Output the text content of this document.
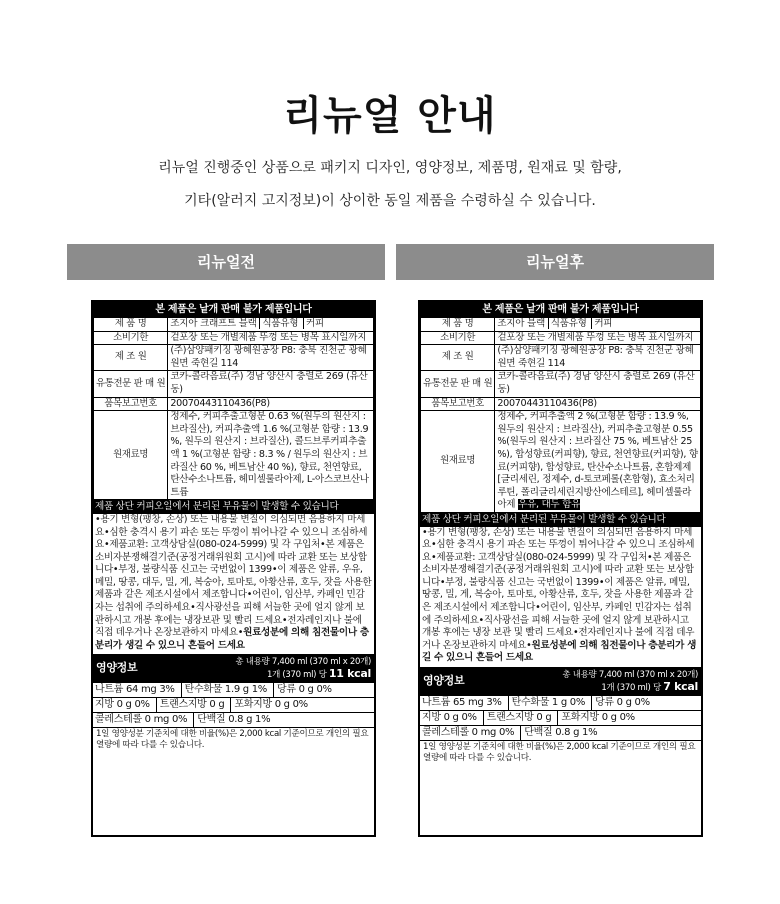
리뉴얼 안내
리뉴얼 진행중인 상품으로 패키지 디자인, 영양정보, 제품명, 원재료 및 함량,
기타(알러지 고지정보)이 상이한 동일 제품을 수령하실 수 있습니다.
리뉴얼전	리뉴얼후
본 제품은 낱개 판매 불가 제품입니다
제 품 명	조지아 크래프트 블랙 식품유형 커피
소비기한	겉포장 또는 개별제품 뚜껑 또는 병목 표시일까지
제 조 원	(주)삼양패키징 광혜원공장 P8: 충북 진천군 광혜원면 죽현길 114
유통전문 판 매 원	코카-콜라음료(주) 경남 양산시 충렬로 269 (유산동)
품목보고번호	20070443110436(P8)
원재료명	정제수, 커피추출고형분 0.63 %(원두의 원산지 : 브라질산), 커피추출액 1.6 %(고형분 함량 : 13.9 %, 원두의 원산지 : 브라질산), 콜드브루커피추출액 1 %(고형분 함량 : 8.3 % / 원두의 원산지 : 브라질산 60 %, 베트남산 40 %), 향료, 천연향료, 탄산수소나트륨, 헤미셀룰라아제, L-아스코브산나트륨
제품 상단 커피오일에서 분리된 부유물이 발생할 수 있습니다
•용기 변형(팽창, 손상) 또는 내용물 변질이 의심되면 음용하지 마세요•심한 충격시 용기 파손 또는 뚜껑이 튀어나갈 수 있으니 조심하세요•제품교환: 고객상담실(080-024-5999) 및 각 구입처•본 제품은 소비자분쟁해결기준(공정거래위원회 고시)에 따라 교환 또는 보상합니다•부정, 불량식품 신고는 국번없이 1399•이 제품은 알류, 우유, 메밀, 땅콩, 대두, 밀, 게, 복숭아, 토마토, 아황산류, 호두, 잣을 사용한 제품과 같은 제조시설에서 제조합니다•어린이, 임산부, 카페인 민감자는 섭취에 주의하세요•직사광선을 피해 서늘한 곳에 얼지 않게 보관하시고 개봉 후에는 냉장보관 및 빨리 드세요•전자레인지나 불에 직접 데우거나 온장보관하지 마세요•원료성분에 의해 침전물이나 층분리가 생길 수 있으니 흔들어 드세요
영양정보	총 내용량 7,400 ml (370 ml x 20개)
1개 (370 ml) 당 11 kcal
나트륨 64 mg 3%	탄수화물 1.9 g 1%	당류 0 g 0%
지방 0 g 0%	트랜스지방 0 g	포화지방 0 g 0%
콜레스테롤 0 mg 0%	단백질 0.8 g 1%
1일 영양성분 기준치에 대한 비율(%)은 2,000 kcal 기준이므로 개인의 필요 열량에 따라 다를 수 있습니다.
본 제품은 낱개 판매 불가 제품입니다
제 품 명	조지아 블랙 식품유형 커피
소비기한	겉포장 또는 개별제품 뚜껑 또는 병목 표시일까지
제 조 원	(주)삼양패키징 광혜원공장 P8: 충북 진천군 광혜원면 죽현길 114
유통전문 판 매 원	코카-콜라음료(주) 경남 양산시 충렬로 269 (유산동)
품목보고번호	20070443110436(P8)
원재료명	정제수, 커피추출액 2 %(고형분 함량 : 13.9 %, 원두의 원산지 : 브라질산), 커피추출고형분 0.55 %(원두의 원산지 : 브라질산 75 %, 베트남산 25 %), 합성향료(커피향), 향료, 천연향료(커피향), 향료(커피향), 합성향료, 탄산수소나트륨, 혼합제제[글리세린, 정제수, d-토코페롤(혼합형), 효소처리루틴, 폴리글리세린지방산에스테르], 헤미셀룰라아제 우유, 대두 함유
제품 상단 커피오일에서 분리된 부유물이 발생할 수 있습니다
•용기 변형(팽창, 손상) 또는 내용물 변질이 의심되면 음용하지 마세요•심한 충격시 용기 파손 또는 뚜껑이 튀어나갈 수 있으니 조심하세요•제품교환: 고객상담실(080-024-5999) 및 각 구입처•본 제품은 소비자분쟁해결기준(공정거래위원회 고시)에 따라 교환 또는 보상합니다•부정, 불량식품 신고는 국번없이 1399•이 제품은 알류, 메밀, 땅콩, 밀, 게, 복숭아, 토마토, 아황산류, 호두, 잣을 사용한 제품과 같은 제조시설에서 제조합니다•어린이, 임산부, 카페인 민감자는 섭취에 주의하세요•직사광선을 피해 서늘한 곳에 얼지 않게 보관하시고 개봉 후에는 냉장 보관 및 빨리 드세요•전자레인지나 불에 직접 데우거나 온장보관하지 마세요•원료성분에 의해 침전물이나 층분리가 생길 수 있으니 흔들어 드세요
영양정보	총 내용량 7,400 ml (370 ml x 20개)
1개 (370 ml) 당 7 kcal
나트륨 65 mg 3%	탄수화물 1 g 0%	당류 0 g 0%
지방 0 g 0%	트랜스지방 0 g	포화지방 0 g 0%
콜레스테롤 0 mg 0%	단백질 0.8 g 1%
1일 영양성분 기준치에 대한 비율(%)은 2,000 kcal 기준이므로 개인의 필요 열량에 따라 다를 수 있습니다.
